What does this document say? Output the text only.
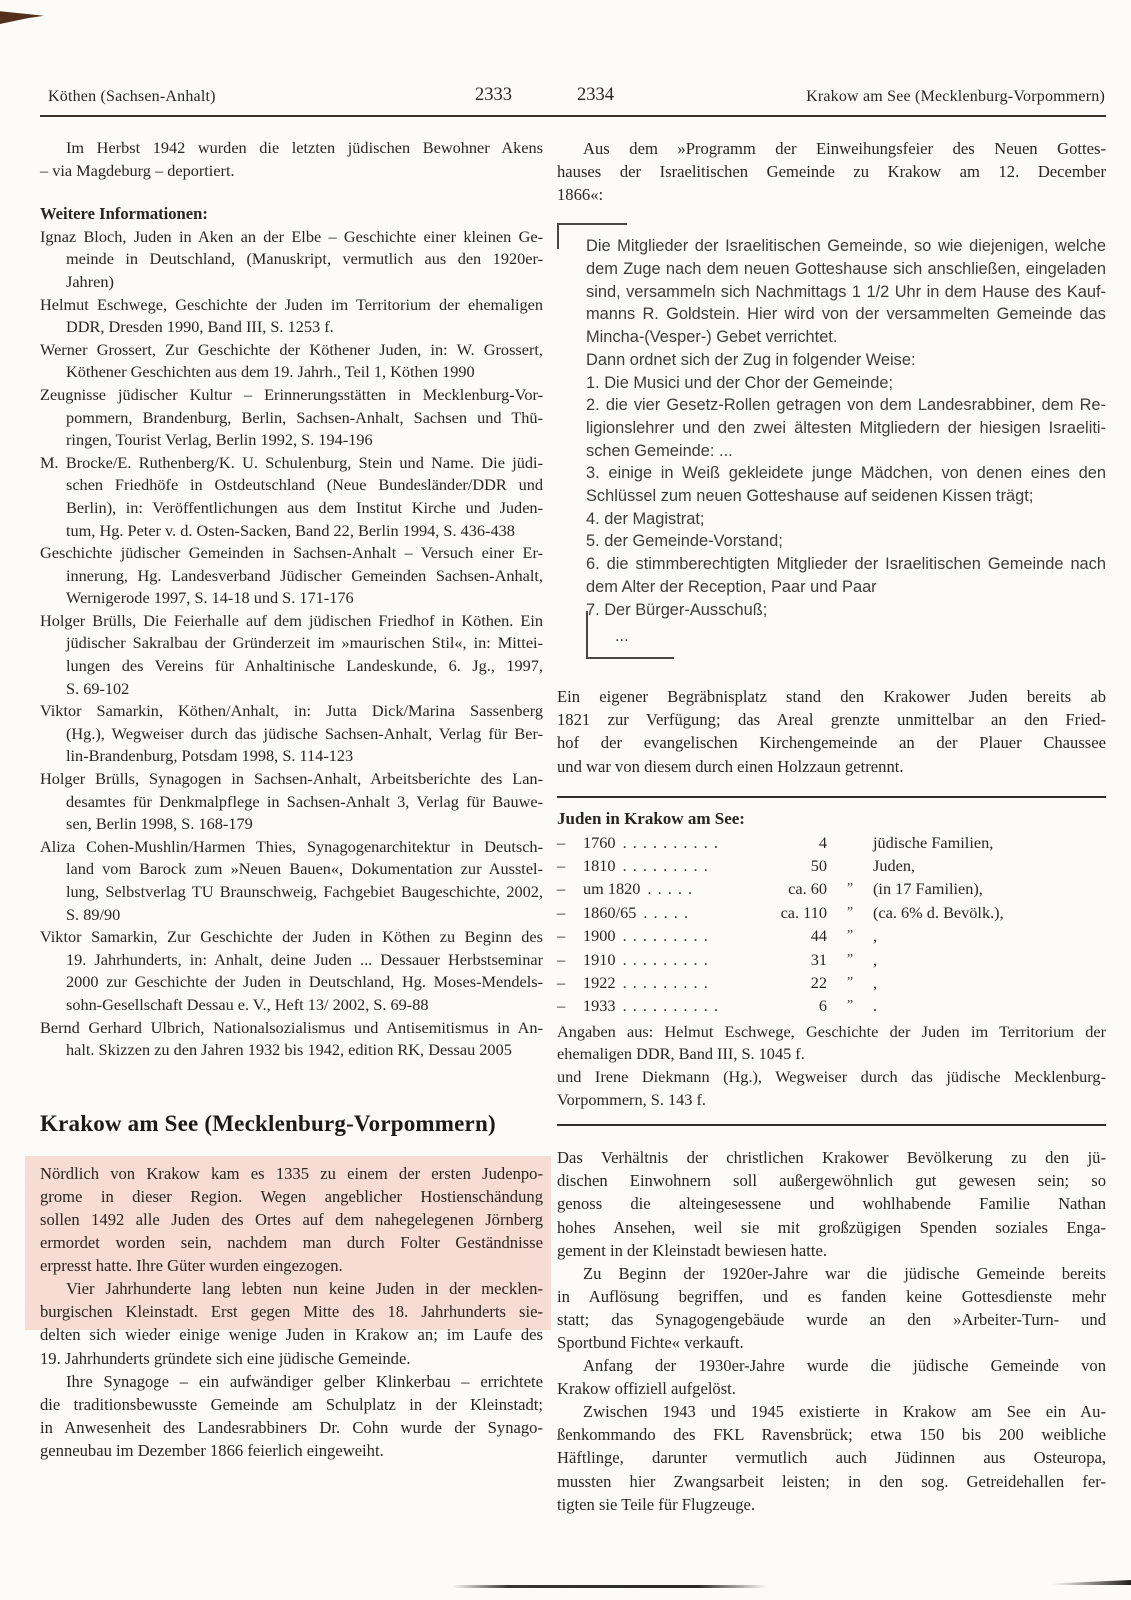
Köthen (Sachsen-Anhalt)	2333	2334	Krakow am See (Mecklenburg-Vorpommern)
Im Herbst 1942 wurden die letzten jüdischen Bewohner Akens
– via Magdeburg – deportiert.
Weitere Informationen:
Ignaz Bloch, Juden in Aken an der Elbe – Geschichte einer kleinen Ge-
meinde in Deutschland, (Manuskript, vermutlich aus den 1920er-
Jahren)
Helmut Eschwege, Geschichte der Juden im Territorium der ehemaligen
DDR, Dresden 1990, Band III, S. 1253 f.
Werner Grossert, Zur Geschichte der Köthener Juden, in: W. Grossert,
Köthener Geschichten aus dem 19. Jahrh., Teil 1, Köthen 1990
Zeugnisse jüdischer Kultur – Erinnerungsstätten in Mecklenburg-Vor-
pommern, Brandenburg, Berlin, Sachsen-Anhalt, Sachsen und Thü-
ringen, Tourist Verlag, Berlin 1992, S. 194-196
M. Brocke/E. Ruthenberg/K. U. Schulenburg, Stein und Name. Die jüdi-
schen Friedhöfe in Ostdeutschland (Neue Bundesländer/DDR und
Berlin), in: Veröffentlichungen aus dem Institut Kirche und Juden-
tum, Hg. Peter v. d. Osten-Sacken, Band 22, Berlin 1994, S. 436-438
Geschichte jüdischer Gemeinden in Sachsen-Anhalt – Versuch einer Er-
innerung, Hg. Landesverband Jüdischer Gemeinden Sachsen-Anhalt,
Wernigerode 1997, S. 14-18 und S. 171-176
Holger Brülls, Die Feierhalle auf dem jüdischen Friedhof in Köthen. Ein
jüdischer Sakralbau der Gründerzeit im »maurischen Stil«, in: Mittei-
lungen des Vereins für Anhaltinische Landeskunde, 6. Jg., 1997,
S. 69-102
Viktor Samarkin, Köthen/Anhalt, in: Jutta Dick/Marina Sassenberg
(Hg.), Wegweiser durch das jüdische Sachsen-Anhalt, Verlag für Ber-
lin-Brandenburg, Potsdam 1998, S. 114-123
Holger Brülls, Synagogen in Sachsen-Anhalt, Arbeitsberichte des Lan-
desamtes für Denkmalpflege in Sachsen-Anhalt 3, Verlag für Bauwe-
sen, Berlin 1998, S. 168-179
Aliza Cohen-Mushlin/Harmen Thies, Synagogenarchitektur in Deutsch-
land vom Barock zum »Neuen Bauen«, Dokumentation zur Ausstel-
lung, Selbstverlag TU Braunschweig, Fachgebiet Baugeschichte, 2002,
S. 89/90
Viktor Samarkin, Zur Geschichte der Juden in Köthen zu Beginn des
19. Jahrhunderts, in: Anhalt, deine Juden ... Dessauer Herbstseminar
2000 zur Geschichte der Juden in Deutschland, Hg. Moses-Mendels-
sohn-Gesellschaft Dessau e. V., Heft 13/ 2002, S. 69-88
Bernd Gerhard Ulbrich, Nationalsozialismus und Antisemitismus in An-
halt. Skizzen zu den Jahren 1932 bis 1942, edition RK, Dessau 2005
Krakow am See (Mecklenburg-Vorpommern)
Nördlich von Krakow kam es 1335 zu einem der ersten Judenpo-
grome in dieser Region. Wegen angeblicher Hostienschändung
sollen 1492 alle Juden des Ortes auf dem nahegelegenen Jörnberg
ermordet worden sein, nachdem man durch Folter Geständnisse
erpresst hatte. Ihre Güter wurden eingezogen.
Vier Jahrhunderte lang lebten nun keine Juden in der mecklen-
burgischen Kleinstadt. Erst gegen Mitte des 18. Jahrhunderts sie-
delten sich wieder einige wenige Juden in Krakow an; im Laufe des
19. Jahrhunderts gründete sich eine jüdische Gemeinde.
Ihre Synagoge – ein aufwändiger gelber Klinkerbau – errichtete
die traditionsbewusste Gemeinde am Schulplatz in der Kleinstadt;
in Anwesenheit des Landesrabbiners Dr. Cohn wurde der Synago-
genneubau im Dezember 1866 feierlich eingeweiht.
Aus dem »Programm der Einweihungsfeier des Neuen Gottes-
hauses der Israelitischen Gemeinde zu Krakow am 12. December
1866«:
Die Mitglieder der Israelitischen Gemeinde, so wie diejenigen, welche
dem Zuge nach dem neuen Gotteshause sich anschließen, eingeladen
sind, versammeln sich Nachmittags 1 1/2 Uhr in dem Hause des Kauf-
manns R. Goldstein. Hier wird von der versammelten Gemeinde das
Mincha-(Vesper-) Gebet verrichtet.
Dann ordnet sich der Zug in folgender Weise:
1. Die Musici und der Chor der Gemeinde;
2. die vier Gesetz-Rollen getragen von dem Landesrabbiner, dem Re-
ligionslehrer und den zwei ältesten Mitgliedern der hiesigen Israeliti-
schen Gemeinde: ...
3. einige in Weiß gekleidete junge Mädchen, von denen eines den
Schlüssel zum neuen Gotteshause auf seidenen Kissen trägt;
4. der Magistrat;
5. der Gemeinde-Vorstand;
6. die stimmberechtigten Mitglieder der Israelitischen Gemeinde nach
dem Alter der Reception, Paar und Paar
7. Der Bürger-Ausschuß;
...
Ein eigener Begräbnisplatz stand den Krakower Juden bereits ab
1821 zur Verfügung; das Areal grenzte unmittelbar an den Fried-
hof der evangelischen Kirchengemeinde an der Plauer Chaussee
und war von diesem durch einen Holzzaun getrennt.
Juden in Krakow am See:
–	1760 . . . . . . . . . .	4	jüdische Familien,
–	1810 . . . . . . . . .	50	Juden,
–	um 1820 . . . . .	ca. 60	”	(in 17 Familien),
–	1860/65 . . . . .	ca. 110	”	(ca. 6% d. Bevölk.),
–	1900 . . . . . . . . .	44	”	,
–	1910 . . . . . . . . .	31	”	,
–	1922 . . . . . . . . .	22	”	,
–	1933 . . . . . . . . . .	6	”	.
Angaben aus: Helmut Eschwege, Geschichte der Juden im Territorium der
ehemaligen DDR, Band III, S. 1045 f.
und Irene Diekmann (Hg.), Wegweiser durch das jüdische Mecklenburg-
Vorpommern, S. 143 f.
Das Verhältnis der christlichen Krakower Bevölkerung zu den jü-
dischen Einwohnern soll außergewöhnlich gut gewesen sein; so
genoss die alteingesessene und wohlhabende Familie Nathan
hohes Ansehen, weil sie mit großzügigen Spenden soziales Enga-
gement in der Kleinstadt bewiesen hatte.
Zu Beginn der 1920er-Jahre war die jüdische Gemeinde bereits
in Auflösung begriffen, und es fanden keine Gottesdienste mehr
statt; das Synagogengebäude wurde an den »Arbeiter-Turn- und
Sportbund Fichte« verkauft.
Anfang der 1930er-Jahre wurde die jüdische Gemeinde von
Krakow offiziell aufgelöst.
Zwischen 1943 und 1945 existierte in Krakow am See ein Au-
ßenkommando des FKL Ravensbrück; etwa 150 bis 200 weibliche
Häftlinge, darunter vermutlich auch Jüdinnen aus Osteuropa,
mussten hier Zwangsarbeit leisten; in den sog. Getreidehallen fer-
tigten sie Teile für Flugzeuge.
